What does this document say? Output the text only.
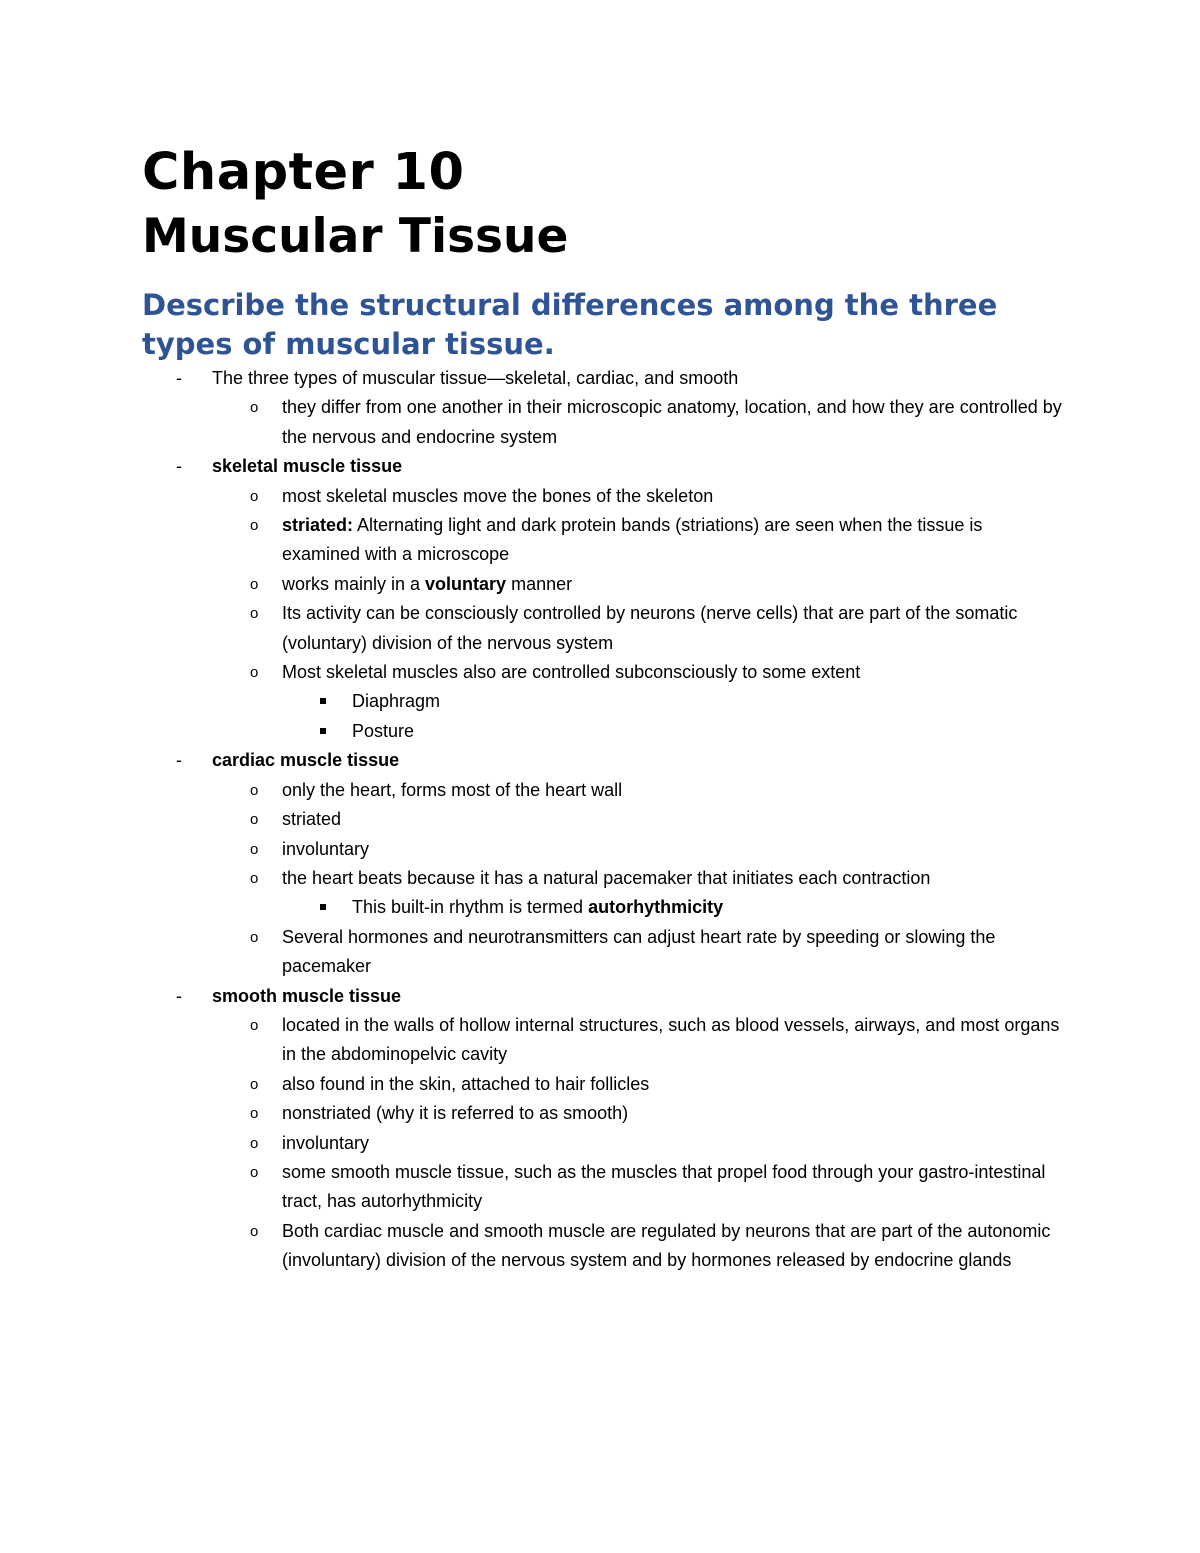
Chapter 10
Muscular Tissue
Describe the structural differences among the three types of muscular tissue.
- The three types of muscular tissue—skeletal, cardiac, and smooth
o they differ from one another in their microscopic anatomy, location, and how they are controlled by the nervous and endocrine system
- skeletal muscle tissue
o most skeletal muscles move the bones of the skeleton
o striated: Alternating light and dark protein bands (striations) are seen when the tissue is examined with a microscope
o works mainly in a voluntary manner
o Its activity can be consciously controlled by neurons (nerve cells) that are part of the somatic (voluntary) division of the nervous system
o Most skeletal muscles also are controlled subconsciously to some extent
Diaphragm
Posture
- cardiac muscle tissue
o only the heart, forms most of the heart wall
o striated
o involuntary
o the heart beats because it has a natural pacemaker that initiates each contraction
This built-in rhythm is termed autorhythmicity
o Several hormones and neurotransmitters can adjust heart rate by speeding or slowing the pacemaker
- smooth muscle tissue
o located in the walls of hollow internal structures, such as blood vessels, airways, and most organs in the abdominopelvic cavity
o also found in the skin, attached to hair follicles
o nonstriated (why it is referred to as smooth)
o involuntary
o some smooth muscle tissue, such as the muscles that propel food through your gastro-intestinal tract, has autorhythmicity
o Both cardiac muscle and smooth muscle are regulated by neurons that are part of the autonomic (involuntary) division of the nervous system and by hormones released by endocrine glands
